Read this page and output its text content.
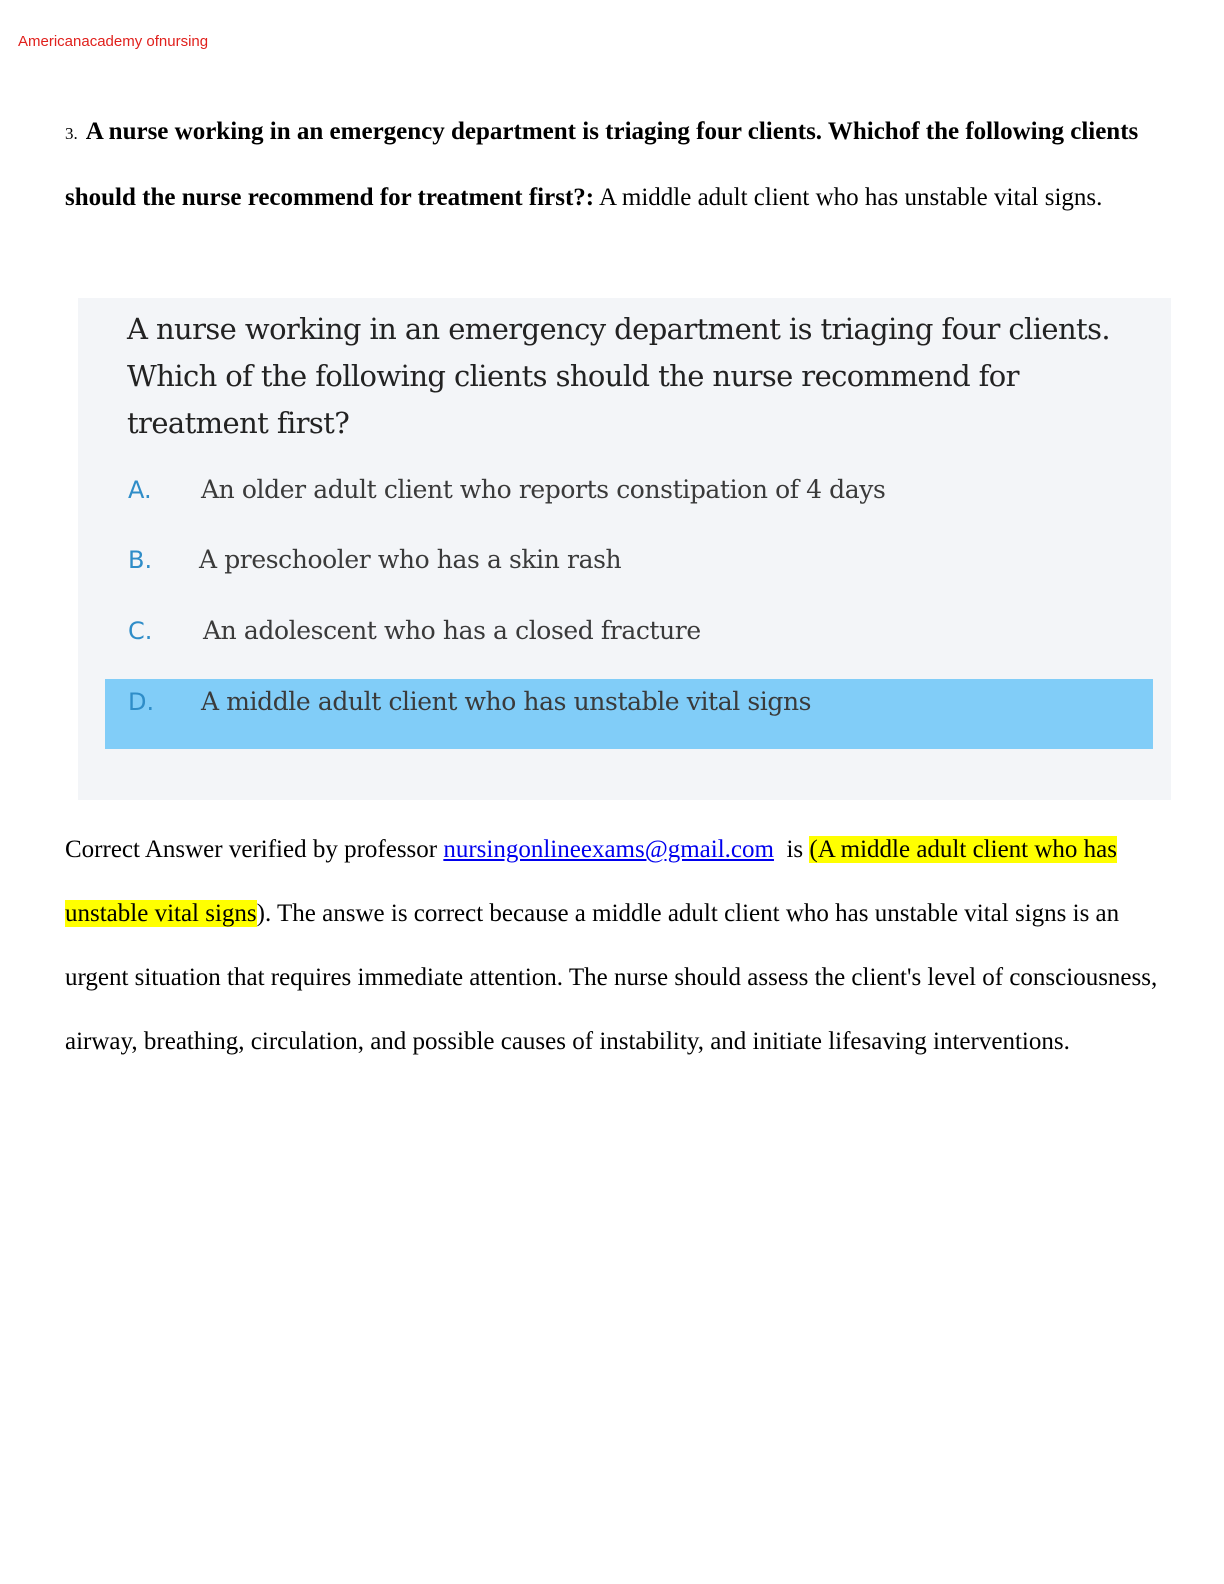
Americanacademy ofnursing
3. A nurse working in an emergency department is triaging four clients. Whichof the following clients should the nurse recommend for treatment first?: A middle adult client who has unstable vital signs.
A nurse working in an emergency department is triaging four clients. Which of the following clients should the nurse recommend for treatment first?
A. An older adult client who reports constipation of 4 days
B. A preschooler who has a skin rash
C. An adolescent who has a closed fracture
D. A middle adult client who has unstable vital signs
Correct Answer verified by professor nursingonlineexams@gmail.com  is (A middle adult client who has unstable vital signs). The answe is correct because a middle adult client who has unstable vital signs is an urgent situation that requires immediate attention. The nurse should assess the client's level of consciousness, airway, breathing, circulation, and possible causes of instability, and initiate lifesaving interventions.
